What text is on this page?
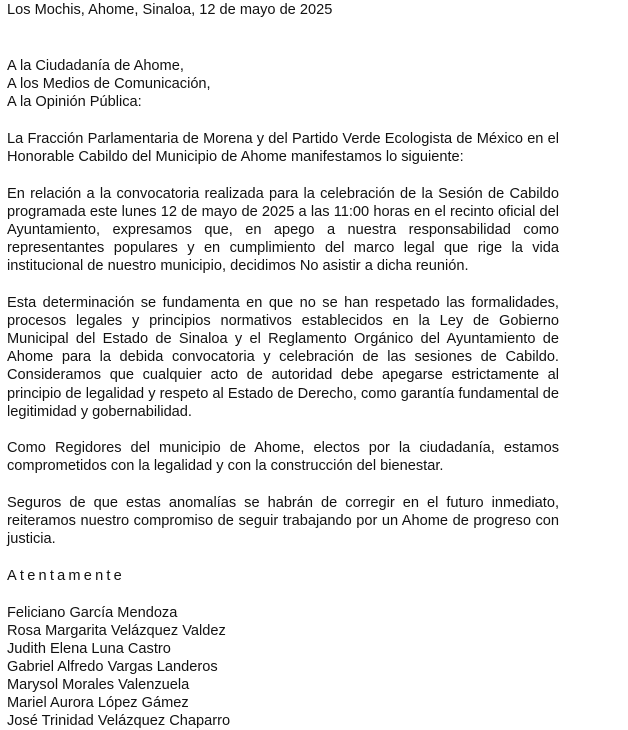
Los Mochis, Ahome, Sinaloa, 12 de mayo de 2025
A la Ciudadanía de Ahome,
A los Medios de Comunicación,
A la Opinión Pública:

La Fracción Parlamentaria de Morena y del Partido Verde Ecologista de México en el Honorable Cabildo del Municipio de Ahome manifestamos lo siguiente:

En relación a la convocatoria realizada para la celebración de la Sesión de Cabildo programada este lunes 12 de mayo de 2025 a las 11:00 horas en el recinto oficial del Ayuntamiento, expresamos que, en apego a nuestra responsabilidad como representantes populares y en cumplimiento del marco legal que rige la vida institucional de nuestro municipio, decidimos No asistir a dicha reunión.

Esta determinación se fundamenta en que no se han respetado las formalidades, procesos legales y principios normativos establecidos en la Ley de Gobierno Municipal del Estado de Sinaloa y el Reglamento Orgánico del Ayuntamiento de Ahome para la debida convocatoria y celebración de las sesiones de Cabildo. Consideramos que cualquier acto de autoridad debe apegarse estrictamente al principio de legalidad y respeto al Estado de Derecho, como garantía fundamental de legitimidad y gobernabilidad.

Como Regidores del municipio de Ahome, electos por la ciudadanía, estamos comprometidos con la legalidad y con la construcción del bienestar.

Seguros de que estas anomalías se habrán de corregir en el futuro inmediato, reiteramos nuestro compromiso de seguir trabajando por un Ahome de progreso con justicia.

Atentamente
Feliciano García Mendoza
Rosa Margarita Velázquez Valdez
Judith Elena Luna Castro
Gabriel Alfredo Vargas Landeros
Marysol Morales Valenzuela
Mariel Aurora López Gámez
José Trinidad Velázquez Chaparro
